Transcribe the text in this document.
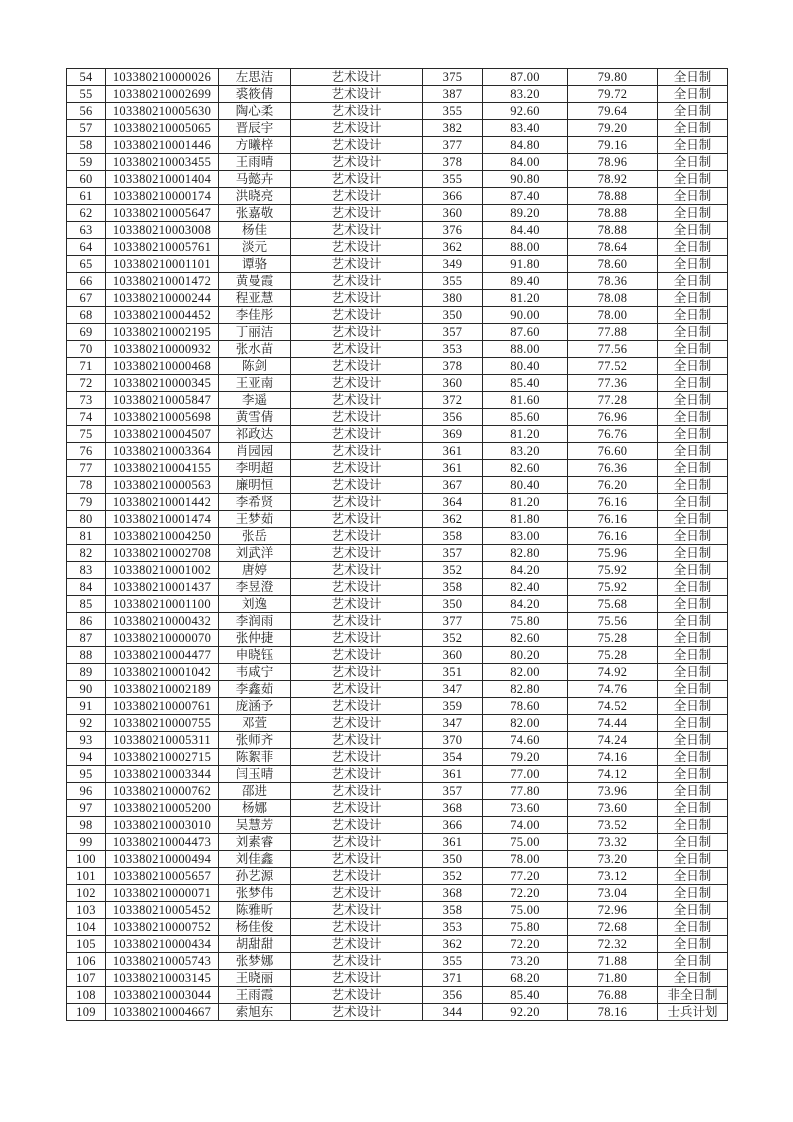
54	103380210000026	左思洁	艺术设计	375	87.00	79.80	全日制
55	103380210002699	裘筱倩	艺术设计	387	83.20	79.72	全日制
56	103380210005630	陶心柔	艺术设计	355	92.60	79.64	全日制
57	103380210005065	晋辰宇	艺术设计	382	83.40	79.20	全日制
58	103380210001446	方曦梓	艺术设计	377	84.80	79.16	全日制
59	103380210003455	王雨晴	艺术设计	378	84.00	78.96	全日制
60	103380210001404	马懿卉	艺术设计	355	90.80	78.92	全日制
61	103380210000174	洪晓亮	艺术设计	366	87.40	78.88	全日制
62	103380210005647	张嘉敬	艺术设计	360	89.20	78.88	全日制
63	103380210003008	杨佳	艺术设计	376	84.40	78.88	全日制
64	103380210005761	淡元	艺术设计	362	88.00	78.64	全日制
65	103380210001101	谭骆	艺术设计	349	91.80	78.60	全日制
66	103380210001472	黄曼霞	艺术设计	355	89.40	78.36	全日制
67	103380210000244	程亚慧	艺术设计	380	81.20	78.08	全日制
68	103380210004452	李佳彤	艺术设计	350	90.00	78.00	全日制
69	103380210002195	丁丽洁	艺术设计	357	87.60	77.88	全日制
70	103380210000932	张水苗	艺术设计	353	88.00	77.56	全日制
71	103380210000468	陈剑	艺术设计	378	80.40	77.52	全日制
72	103380210000345	王亚南	艺术设计	360	85.40	77.36	全日制
73	103380210005847	李遥	艺术设计	372	81.60	77.28	全日制
74	103380210005698	黄雪倩	艺术设计	356	85.60	76.96	全日制
75	103380210004507	祁政达	艺术设计	369	81.20	76.76	全日制
76	103380210003364	肖园园	艺术设计	361	83.20	76.60	全日制
77	103380210004155	李明超	艺术设计	361	82.60	76.36	全日制
78	103380210000563	廉明恒	艺术设计	367	80.40	76.20	全日制
79	103380210001442	李希贤	艺术设计	364	81.20	76.16	全日制
80	103380210001474	王梦茹	艺术设计	362	81.80	76.16	全日制
81	103380210004250	张岳	艺术设计	358	83.00	76.16	全日制
82	103380210002708	刘武洋	艺术设计	357	82.80	75.96	全日制
83	103380210001002	唐婷	艺术设计	352	84.20	75.92	全日制
84	103380210001437	李昱澄	艺术设计	358	82.40	75.92	全日制
85	103380210001100	刘逸	艺术设计	350	84.20	75.68	全日制
86	103380210000432	李润雨	艺术设计	377	75.80	75.56	全日制
87	103380210000070	张仲捷	艺术设计	352	82.60	75.28	全日制
88	103380210004477	申晓钰	艺术设计	360	80.20	75.28	全日制
89	103380210001042	韦咸宁	艺术设计	351	82.00	74.92	全日制
90	103380210002189	李鑫茹	艺术设计	347	82.80	74.76	全日制
91	103380210000761	庞涵予	艺术设计	359	78.60	74.52	全日制
92	103380210000755	邓萱	艺术设计	347	82.00	74.44	全日制
93	103380210005311	张师齐	艺术设计	370	74.60	74.24	全日制
94	103380210002715	陈絮菲	艺术设计	354	79.20	74.16	全日制
95	103380210003344	闫玉晴	艺术设计	361	77.00	74.12	全日制
96	103380210000762	邵进	艺术设计	357	77.80	73.96	全日制
97	103380210005200	杨娜	艺术设计	368	73.60	73.60	全日制
98	103380210003010	吴慧芳	艺术设计	366	74.00	73.52	全日制
99	103380210004473	刘素睿	艺术设计	361	75.00	73.32	全日制
100	103380210000494	刘佳鑫	艺术设计	350	78.00	73.20	全日制
101	103380210005657	孙艺源	艺术设计	352	77.20	73.12	全日制
102	103380210000071	张梦伟	艺术设计	368	72.20	73.04	全日制
103	103380210005452	陈雅昕	艺术设计	358	75.00	72.96	全日制
104	103380210000752	杨佳俊	艺术设计	353	75.80	72.68	全日制
105	103380210000434	胡甜甜	艺术设计	362	72.20	72.32	全日制
106	103380210005743	张梦娜	艺术设计	355	73.20	71.88	全日制
107	103380210003145	王晓丽	艺术设计	371	68.20	71.80	全日制
108	103380210003044	王雨霞	艺术设计	356	85.40	76.88	非全日制
109	103380210004667	索旭东	艺术设计	344	92.20	78.16	士兵计划
